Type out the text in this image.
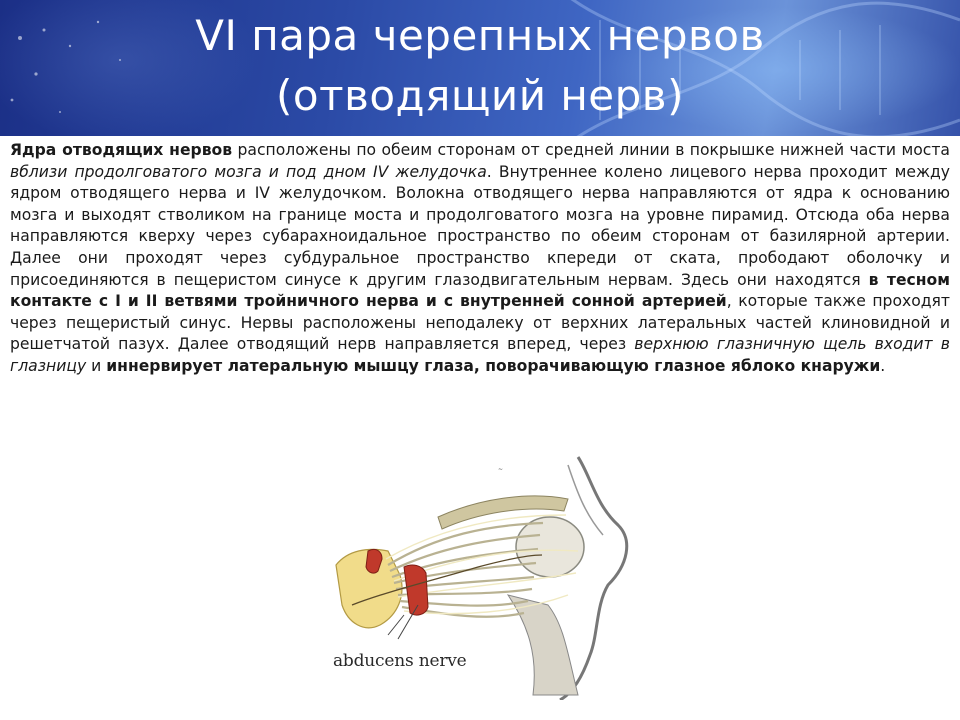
VI пара черепных нервов
(отводящий нерв)

Ядра отводящих нервов расположены по обеим сторонам от средней линии в покрышке нижней части моста вблизи продолговатого мозга и под дном IV желудочка. Внутреннее колено лицевого нерва проходит между ядром отводящего нерва и IV желудочком. Волокна отводящего нерва направляются от ядра к основанию мозга и выходят стволиком на границе моста и продолговатого мозга на уровне пирамид. Отсюда оба нерва направляются кверху через субарахноидальное пространство по обеим сторонам от базилярной артерии. Далее они проходят через субдуральное пространство кпереди от ската, прободают оболочку и присоединяются в пещеристом синусе к другим глазодвигательным нервам. Здесь они находятся в тесном контакте с I и II ветвями тройничного нерва и с внутренней сонной артерией, которые также проходят через пещеристый синус. Нервы расположены неподалеку от верхних латеральных частей клиновидной и решетчатой пазух. Далее отводящий нерв направляется вперед, через верхнюю глазничную щель входит в глазницу и иннервирует латеральную мышцу глаза, поворачивающую глазное яблоко кнаружи.

~
abducens nerve
